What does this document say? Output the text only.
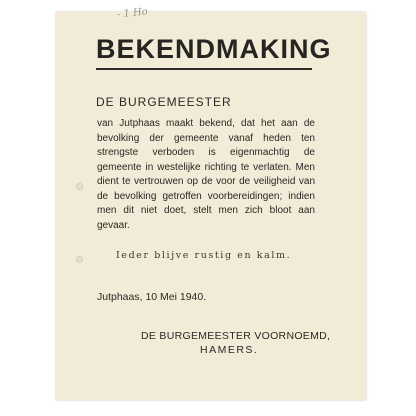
- 1 Ho
BEKENDMAKING
DE BURGEMEESTER

van Jutphaas maakt bekend, dat het aan de bevolking der gemeente vanaf heden ten strengste verboden is eigenmachtig de gemeente in westelijke richting te verlaten. Men dient te vertrouwen op de voor de veiligheid van de bevolking getroffen voorbereidingen; indien men dit niet doet, stelt men zich bloot aan gevaar.

Ieder blijve rustig en kalm.

Jutphaas, 10 Mei 1940.

DE BURGEMEESTER VOORNOEMD,

HAMERS.
